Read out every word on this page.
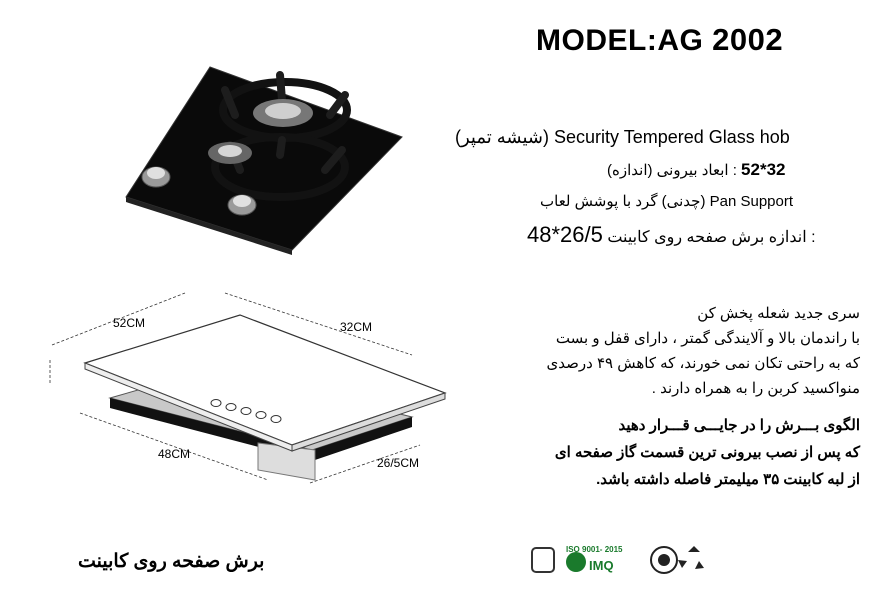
MODEL:AG 2002
(شیشه تمپر) Security Tempered Glass hob
: ابعاد بیرونی (اندازه) 52*32
(چدنی) گرد با پوشش لعاب Pan Support
48*26/5 : اندازه برش صفحه روی کابینت
52CM	32CM
48CM
26/5CM
سری جدید شعله پخش کن
با راندمان بالا و آلایندگی گمتر ، دارای قفل و بست
که به راحتی تکان نمی خورند، که کاهش ۴۹ درصدی
منواکسید کربن را به همراه دارند .
الگوی بـــرش را در جایـــی قـــرار دهید
که پس از نصب بیرونی ترین قسمت گاز صفحه ای
از لبه کابینت ۳۵ میلیمتر فاصله داشته باشد.
برش صفحه روی کابینت
ISO 9001- 2015
IMQ
